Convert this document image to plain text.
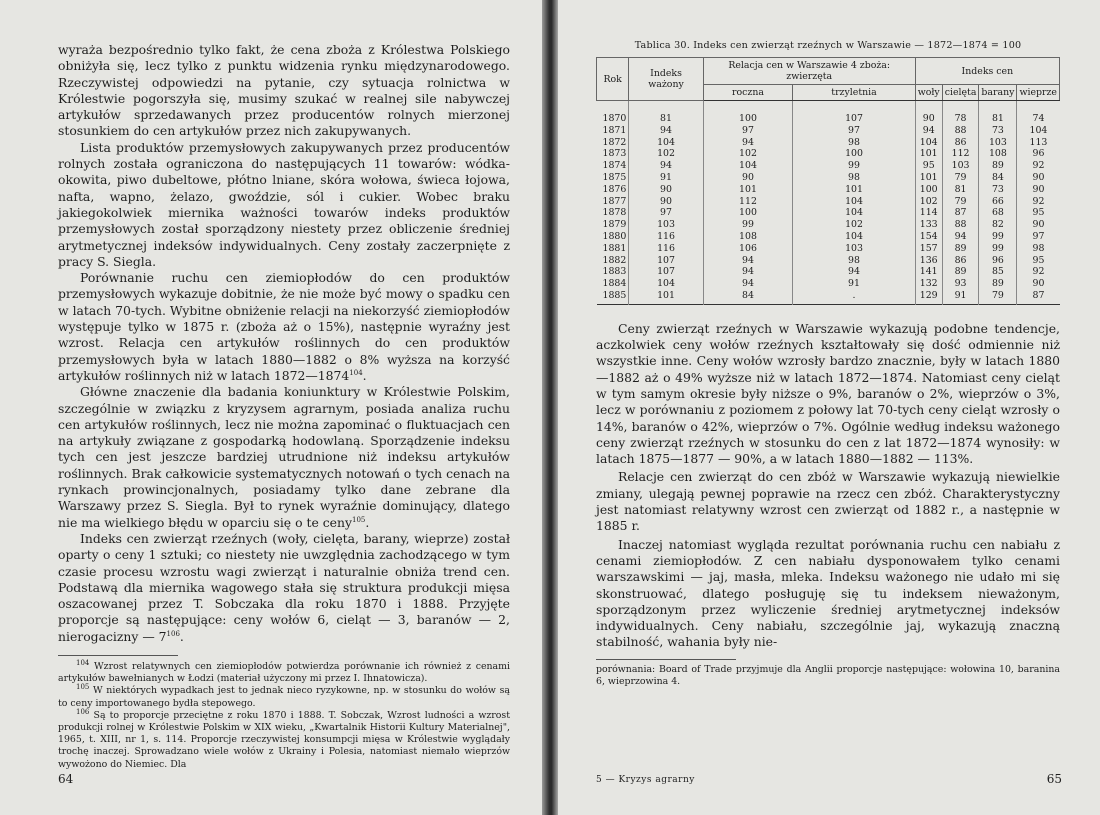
wyraża bezpośrednio tylko fakt, że cena zboża z Królestwa Polskiego obniżyła się, lecz tylko z punktu widzenia rynku międzynarodowego. Rzeczywistej odpowiedzi na pytanie, czy sytuacja rolnictwa w Królestwie pogorszyła się, musimy szukać w realnej sile nabywczej artykułów sprzedawanych przez producentów rolnych mierzonej stosunkiem do cen artykułów przez nich zakupywanych.

Lista produktów przemysłowych zakupywanych przez producentów rolnych została ograniczona do następujących 11 towarów: wódka-okowita, piwo dubeltowe, płótno lniane, skóra wołowa, świeca łojowa, nafta, wapno, żelazo, gwoździe, sól i cukier. Wobec braku jakiegokolwiek miernika ważności towarów indeks produktów przemysłowych został sporządzony niestety przez obliczenie średniej arytmetycznej indeksów indywidualnych. Ceny zostały zaczerpnięte z pracy S. Siegla.

Porównanie ruchu cen ziemiopłodów do cen produktów przemysłowych wykazuje dobitnie, że nie może być mowy o spadku cen w latach 70-tych. Wybitne obniżenie relacji na niekorzyść ziemiopłodów występuje tylko w 1875 r. (zboża aż o 15%), następnie wyraźny jest wzrost. Relacja cen artykułów roślinnych do cen produktów przemysłowych była w latach 1880—1882 o 8% wyższa na korzyść artykułów roślinnych niż w latach 1872—1874$^{104}$.

Główne znaczenie dla badania koniunktury w Królestwie Polskim, szczególnie w związku z kryzysem agrarnym, posiada analiza ruchu cen artykułów roślinnych, lecz nie można zapominać o fluktuacjach cen na artykuły związane z gospodarką hodowlaną. Sporządzenie indeksu tych cen jest jeszcze bardziej utrudnione niż indeksu artykułów roślinnych. Brak całkowicie systematycznych notowań o tych cenach na rynkach prowincjonalnych, posiadamy tylko dane zebrane dla Warszawy przez S. Siegla. Był to rynek wyraźnie dominujący, dlatego nie ma wielkiego błędu w oparciu się o te ceny$^{105}$.

Indeks cen zwierząt rzeźnych (woły, cielęta, barany, wieprze) został oparty o ceny 1 sztuki; co niestety nie uwzględnia zachodzącego w tym czasie procesu wzrostu wagi zwierząt i naturalnie obniża trend cen. Podstawą dla miernika wagowego stała się struktura produkcji mięsa oszacowanej przez T. Sobczaka dla roku 1870 i 1888. Przyjęte proporcje są następujące: ceny wołów 6, cieląt — 3, baranów — 2, nierogacizny — $7^{106}$.

$^{104}$ Wzrost relatywnych cen ziemiopłodów potwierdza porównanie ich również z cenami artykułów bawełnianych w Łodzi (materiał użyczony mi przez I. Ihnatowicza).

$^{105}$ W niektórych wypadkach jest to jednak nieco ryzykowne, np. w stosunku do wołów są to ceny importowanego bydła stepowego.

$^{106}$ Są to proporcje przeciętne z roku 1870 i 1888. T. Sobczak, Wzrost ludności a wzrost produkcji rolnej w Królestwie Polskim w XIX wieku, „Kwartalnik Historii Kultury Materialnej", 1965, t. XIII, nr 1, s. 114. Proporcje rzeczywistej konsumpcji mięsa w Królestwie wyglądały trochę inaczej. Sprowadzano wiele wołów z Ukrainy i Polesia, natomiast niemało wieprzów wywożono do Niemiec. Dla

64
Tablica 30. Indeks cen zwierząt rzeźnych w Warszawie — 1872—1874 = 100
Rok	Indeks ważony	Relacja cen w Warszawie 4 zboża: zwierzęta		Indeks cen			
		roczna	trzyletnia	woły	cielęta	barany	wieprze
1870	81	100	107	90	78	81	74
1871	94	97	97	94	88	73	104
1872	104	94	98	104	86	103	113
1873	102	102	100	101	112	108	96
1874	94	104	99	95	103	89	92
1875	91	90	98	101	79	84	90
1876	90	101	101	100	81	73	90
1877	90	112	104	102	79	66	92
1878	97	100	104	114	87	68	95
1879	103	99	102	133	88	82	90
1880	116	108	104	154	94	99	97
1881	116	106	103	157	89	99	98
1882	107	94	98	136	86	96	95
1883	107	94	94	141	89	85	92
1884	104	94	91	132	93	89	90
1885	101	84	.	129	91	79	87

Ceny zwierząt rzeźnych w Warszawie wykazują podobne tendencje, aczkolwiek ceny wołów rzeźnych kształtowały się dość odmiennie niż wszystkie inne. Ceny wołów wzrosły bardzo znacznie, były w latach 1880—1882 aż o 49% wyższe niż w latach 1872—1874. Natomiast ceny cieląt w tym samym okresie były niższe o 9%, baranów o 2%, wieprzów o 3%, lecz w porównaniu z poziomem z połowy lat 70-tych ceny cieląt wzrosły o 14%, baranów o 42%, wieprzów o 7%. Ogólnie według indeksu ważonego ceny zwierząt rzeźnych w stosunku do cen z lat 1872—1874 wynosiły: w latach 1875—1877 — 90%, a w latach 1880—1882 — 113%.

Relacje cen zwierząt do cen zbóż w Warszawie wykazują niewielkie zmiany, ulegają pewnej poprawie na rzecz cen zbóż. Charakterystyczny jest natomiast relatywny wzrost cen zwierząt od 1882 r., a następnie w 1885 r.

Inaczej natomiast wygląda rezultat porównania ruchu cen nabiału z cenami ziemiopłodów. Z cen nabiału dysponowałem tylko cenami warszawskimi — jaj, masła, mleka. Indeksu ważonego nie udało mi się skonstruować, dlatego posługuję się tu indeksem nieważonym, sporządzonym przez wyliczenie średniej arytmetycznej indeksów indywidualnych. Ceny nabiału, szczególnie jaj, wykazują znaczną stabilność, wahania były nie-

porównania: Board of Trade przyjmuje dla Anglii proporcje następujące: wołowina 10, baranina 6, wieprzowina 4.

5 — Kryzys agrarny	65
